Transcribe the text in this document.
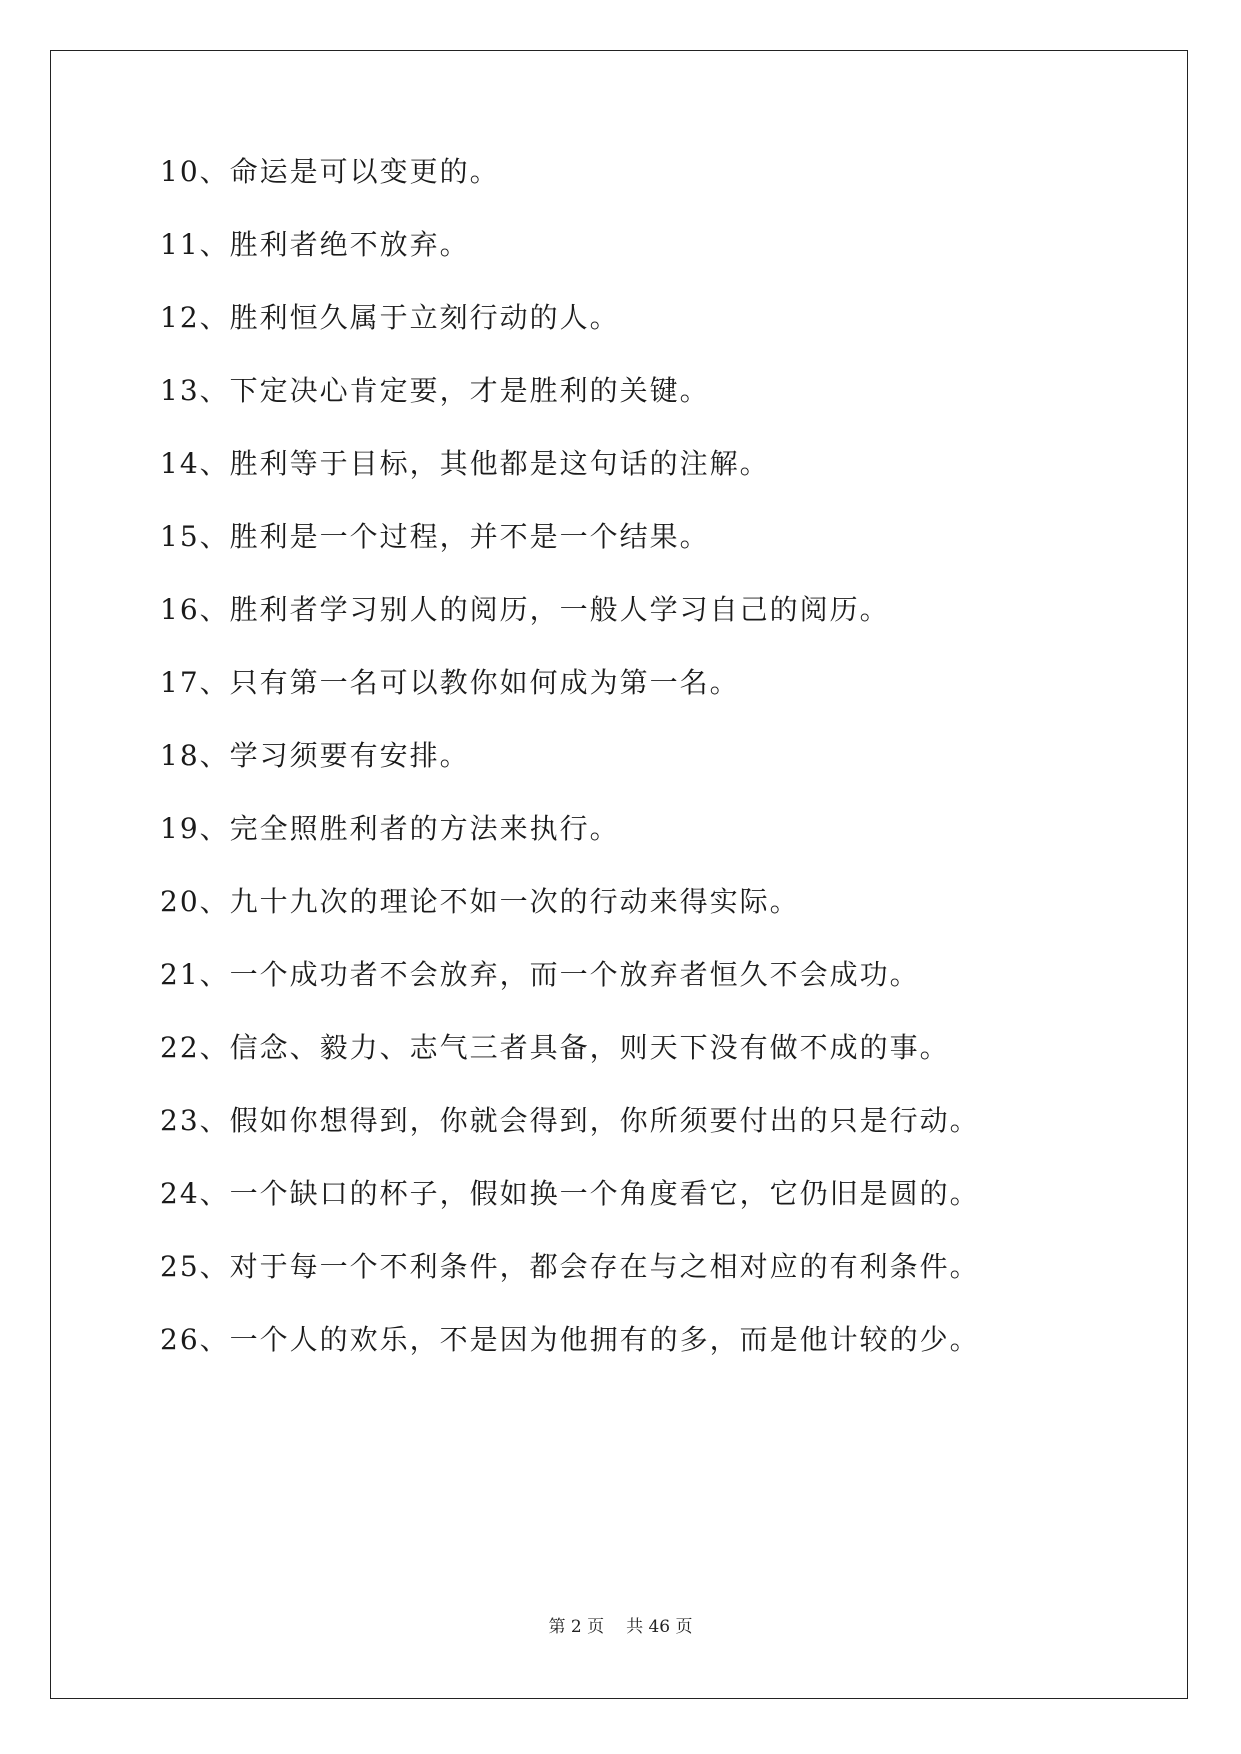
10、命运是可以变更的。
11、胜利者绝不放弃。
12、胜利恒久属于立刻行动的人。
13、下定决心肯定要，才是胜利的关键。
14、胜利等于目标，其他都是这句话的注解。
15、胜利是一个过程，并不是一个结果。
16、胜利者学习别人的阅历，一般人学习自己的阅历。
17、只有第一名可以教你如何成为第一名。
18、学习须要有安排。
19、完全照胜利者的方法来执行。
20、九十九次的理论不如一次的行动来得实际。
21、一个成功者不会放弃，而一个放弃者恒久不会成功。
22、信念、毅力、志气三者具备，则天下没有做不成的事。
23、假如你想得到，你就会得到，你所须要付出的只是行动。
24、一个缺口的杯子，假如换一个角度看它，它仍旧是圆的。
25、对于每一个不利条件，都会存在与之相对应的有利条件。
26、一个人的欢乐，不是因为他拥有的多，而是他计较的少。
第 2 页 共 46 页
